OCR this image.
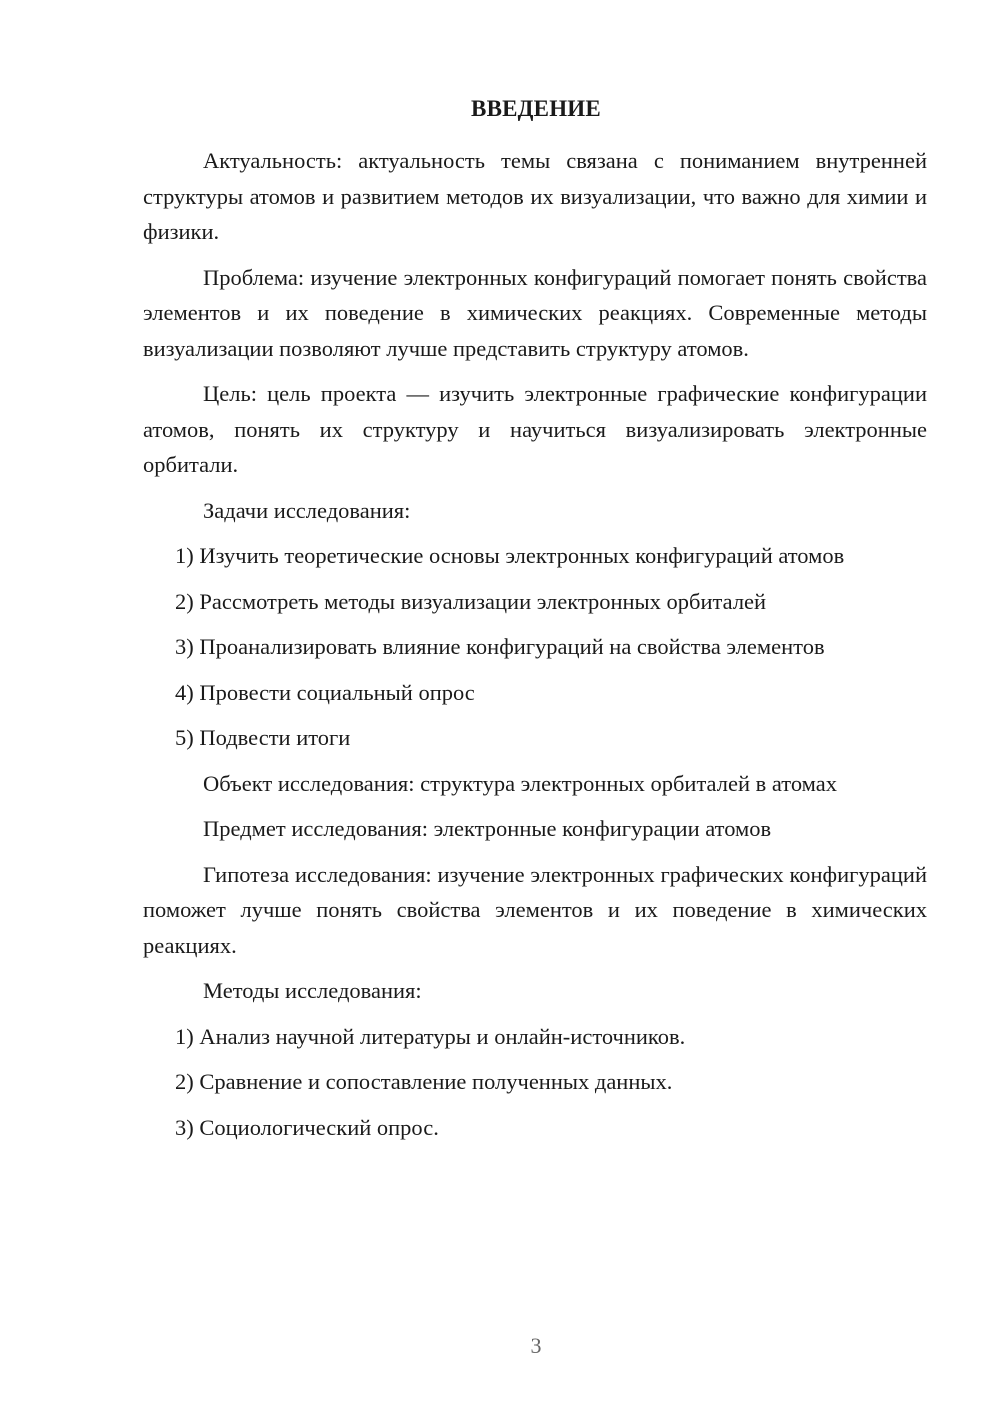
ВВЕДЕНИЕ

Актуальность: актуальность темы связана с пониманием внутренней структуры атомов и развитием методов их визуализации, что важно для химии и физики.

Проблема: изучение электронных конфигураций помогает понять свойства элементов и их поведение в химических реакциях. Современные методы визуализации позволяют лучше представить структуру атомов.

Цель: цель проекта — изучить электронные графические конфигурации атомов, понять их структуру и научиться визуализировать электронные орбитали.

Задачи исследования:

1) Изучить теоретические основы электронных конфигураций атомов

2) Рассмотреть методы визуализации электронных орбиталей

3) Проанализировать влияние конфигураций на свойства элементов

4) Провести социальный опрос

5) Подвести итоги

Объект исследования: структура электронных орбиталей в атомах

Предмет исследования: электронные конфигурации атомов

Гипотеза исследования: изучение электронных графических конфигураций поможет лучше понять свойства элементов и их поведение в химических реакциях.

Методы исследования:

1) Анализ научной литературы и онлайн-источников.

2) Сравнение и сопоставление полученных данных.

3) Социологический опрос.

3
